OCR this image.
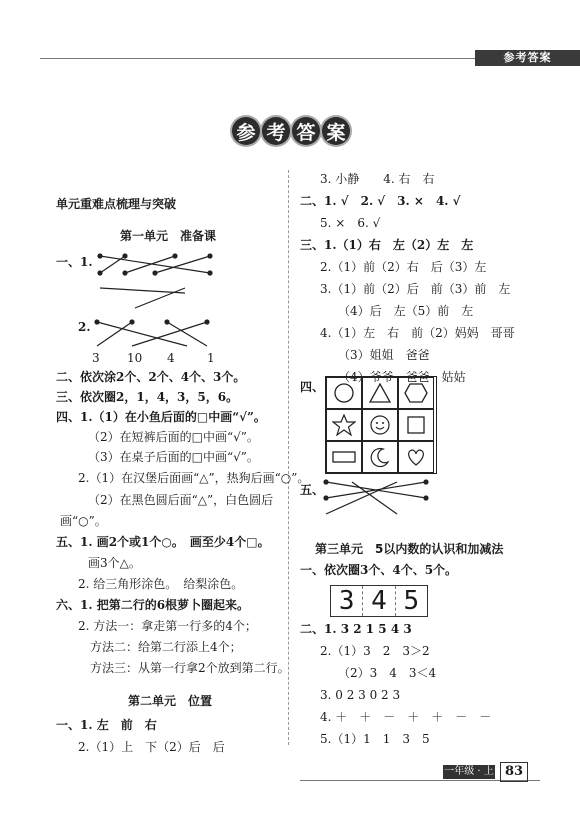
参考答案
参 考 答 案
单元重难点梳理与突破
第一单元　准备课
一、1.
2.
3 10 4	1
二、依次涂2个、2个、4个、3个。
三、依次圈2，1，4，3，5，6。
四、1.（1）在小鱼后面的□中画“√”。
（2）在短裤后面的□中画“√”。
（3）在桌子后面的□中画“√”。
2.（1）在汉堡后面画“△”，热狗后画“○”。
（2）在黑色圆后面“△”，白色圆后
画“○”。
五、1. 画2个或1个○。　画至少4个□。
画3个△。
2. 给三角形涂色。　给梨涂色。
六、1. 把第二行的6根萝卜圈起来。
2. 方法一：拿走第一行多的4个；
方法二：给第二行添上4个；
方法三：从第一行拿2个放到第二行。
第二单元　位置
一、1. 左　前　右
2.（1）上　下（2）后　后
3. 小静　　4. 右　右
二、1. √　2. √　3. ×　4. √
5. ×　6. √
三、1.（1）右　左（2）左　左
2.（1）前（2）右　后（3）左
3.（1）前（2）后　前（3）前　左
（4）后　左（5）前　左
4.（1）左　右　前（2）妈妈　哥哥
（3）姐姐　爸爸
（4）爷爷　爸爸　姑姑
四、
五、
第三单元　5以内数的认识和加减法
一、依次圈3个、4个、5个。
3 4 5
二、1. 3 2 1 5 4 3
2.（1）3　2　3＞2
（2）3　4　3＜4
3. 0 2 3 0 2 3
4. ＋　＋　－　＋　＋　－　－
5.（1）1　1　3　5
一年级 · 上 83
